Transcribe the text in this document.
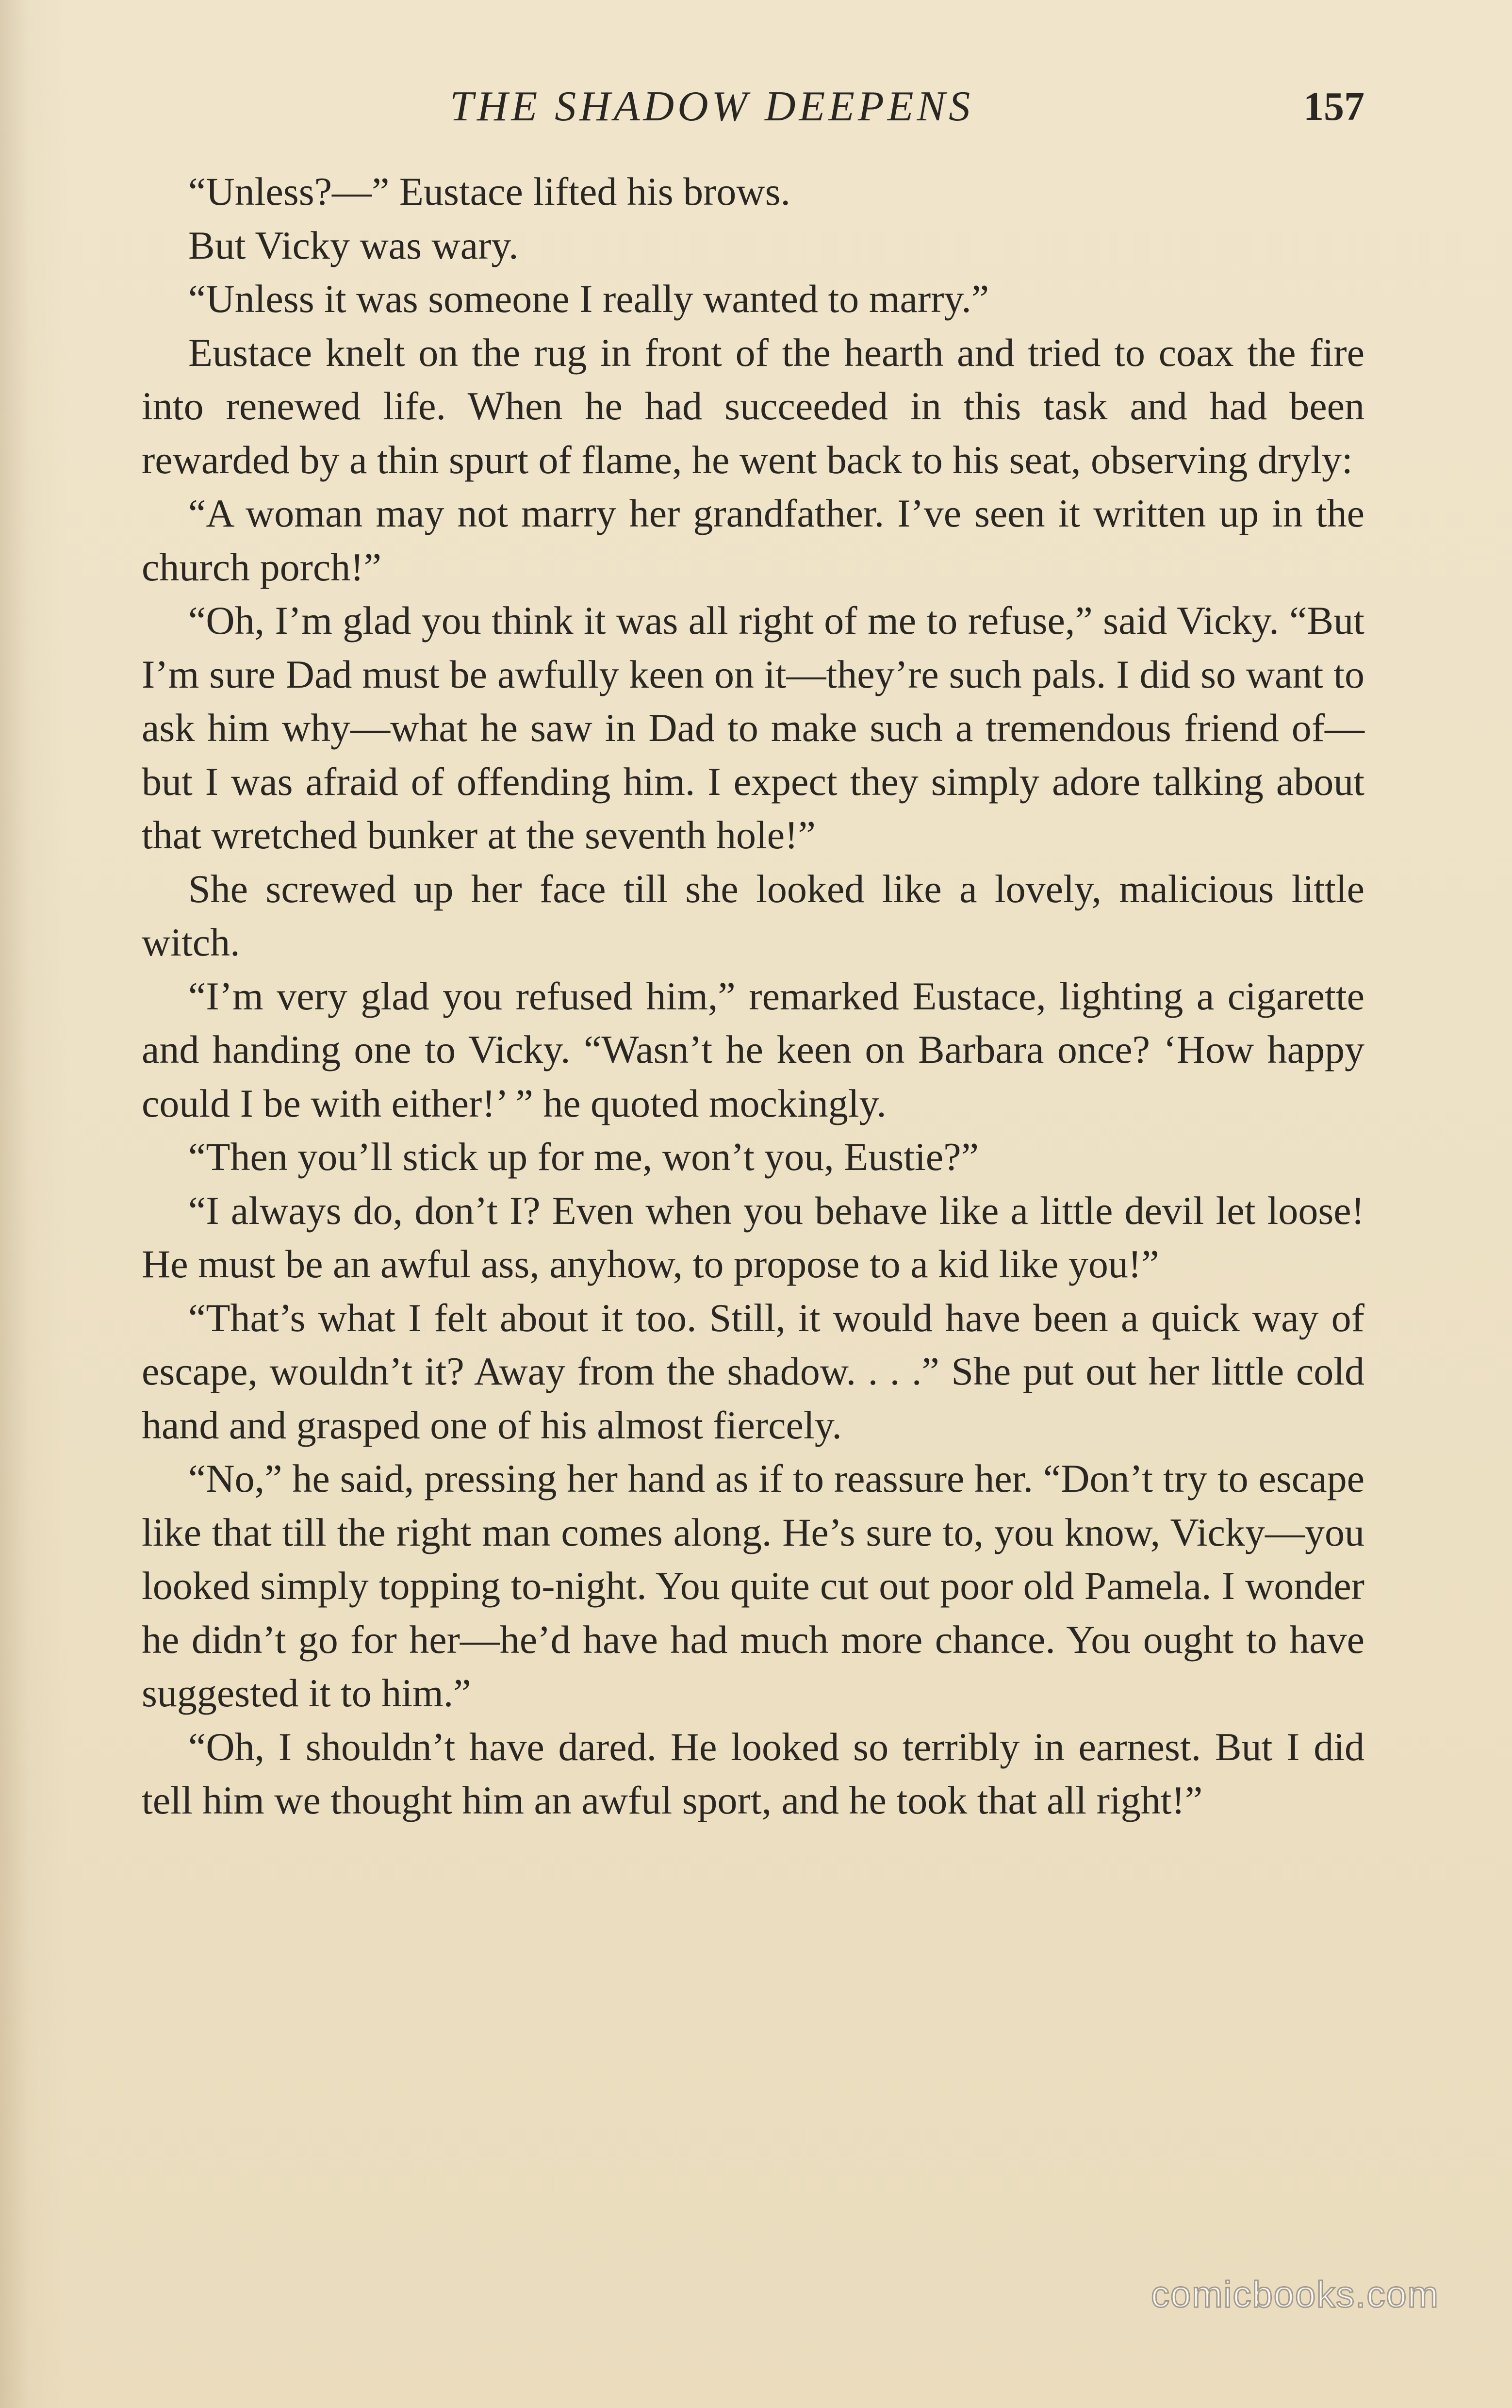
THE SHADOW DEEPENS	157

“Unless?—” Eustace lifted his brows.

But Vicky was wary.

“Unless it was someone I really wanted to marry.”

Eustace knelt on the rug in front of the hearth and tried to coax the fire into renewed life. When he had succeeded in this task and had been rewarded by a thin spurt of flame, he went back to his seat, observing dryly:

“A woman may not marry her grandfather. I’ve seen it written up in the church porch!”

“Oh, I’m glad you think it was all right of me to refuse,” said Vicky. “But I’m sure Dad must be awfully keen on it—they’re such pals. I did so want to ask him why—what he saw in Dad to make such a tremendous friend of—but I was afraid of offending him. I expect they simply adore talking about that wretched bunker at the seventh hole!”

She screwed up her face till she looked like a lovely, malicious little witch.

“I’m very glad you refused him,” remarked Eustace, lighting a cigarette and handing one to Vicky. “Wasn’t he keen on Barbara once? ‘How happy could I be with either!’ ” he quoted mockingly.

“Then you’ll stick up for me, won’t you, Eustie?”

“I always do, don’t I? Even when you behave like a little devil let loose! He must be an awful ass, anyhow, to propose to a kid like you!”

“That’s what I felt about it too. Still, it would have been a quick way of escape, wouldn’t it? Away from the shadow. . . .” She put out her little cold hand and grasped one of his almost fiercely.

“No,” he said, pressing her hand as if to reassure her. “Don’t try to escape like that till the right man comes along. He’s sure to, you know, Vicky—you looked simply topping to-night. You quite cut out poor old Pamela. I wonder he didn’t go for her—he’d have had much more chance. You ought to have suggested it to him.”

“Oh, I shouldn’t have dared. He looked so terribly in earnest. But I did tell him we thought him an awful sport, and he took that all right!”

comicbooks.com
